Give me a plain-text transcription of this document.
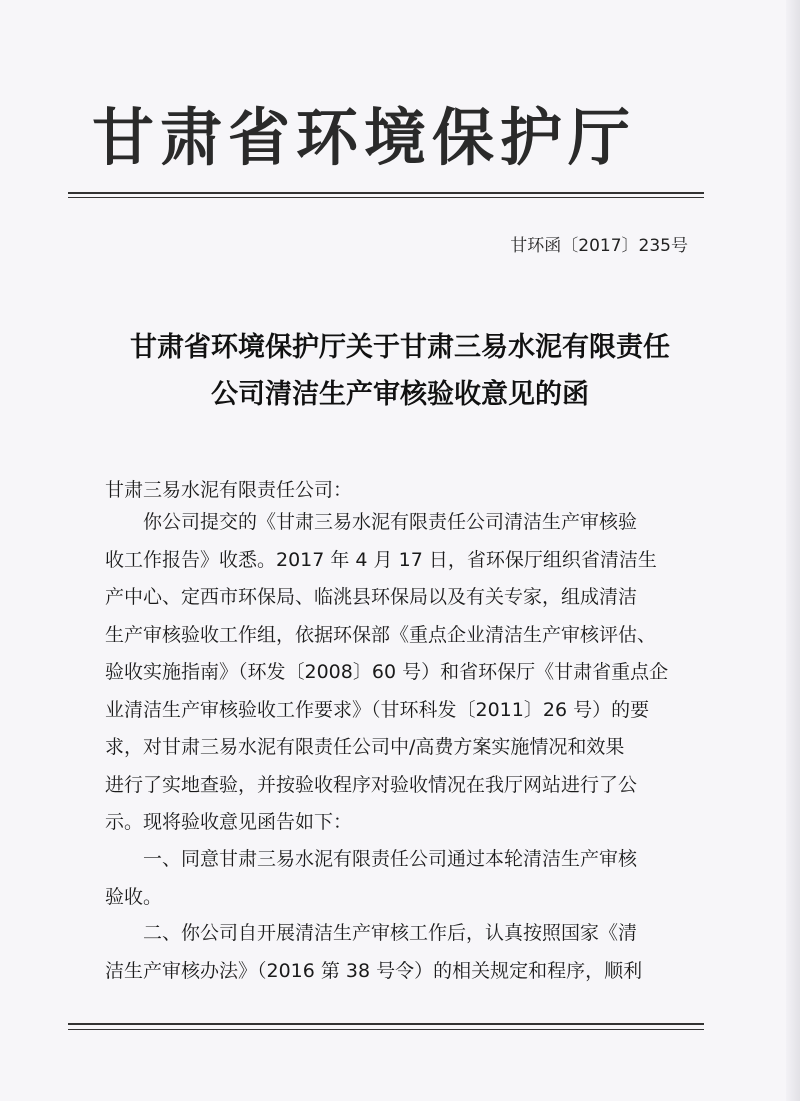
甘肃省环境保护厅
甘环函〔2017〕235号
甘肃省环境保护厅关于甘肃三易水泥有限责任
公司清洁生产审核验收意见的函
甘肃三易水泥有限责任公司：
　　你公司提交的《甘肃三易水泥有限责任公司清洁生产审核验
收工作报告》收悉。2017 年 4 月 17 日，省环保厅组织省清洁生
产中心、定西市环保局、临洮县环保局以及有关专家，组成清洁
生产审核验收工作组，依据环保部《重点企业清洁生产审核评估、
验收实施指南》（环发〔2008〕60 号）和省环保厅《甘肃省重点企
业清洁生产审核验收工作要求》（甘环科发〔2011〕26 号）的要
求，对甘肃三易水泥有限责任公司中/高费方案实施情况和效果
进行了实地查验，并按验收程序对验收情况在我厅网站进行了公
示。现将验收意见函告如下：
　　一、同意甘肃三易水泥有限责任公司通过本轮清洁生产审核
验收。
　　二、你公司自开展清洁生产审核工作后，认真按照国家《清
洁生产审核办法》（2016 第 38 号令）的相关规定和程序，顺利
